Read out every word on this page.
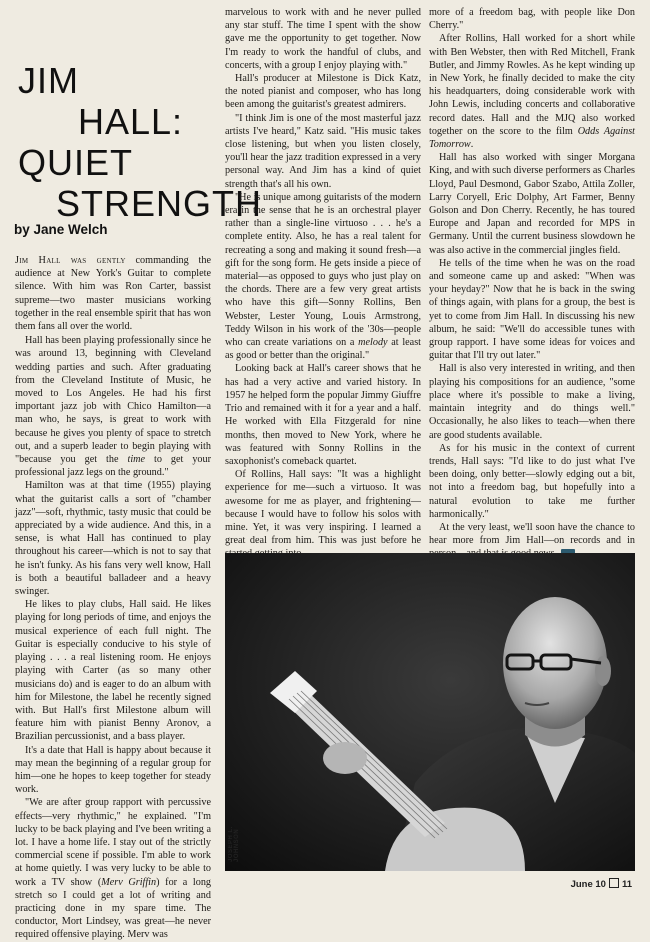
JIM
HALL:
QUIET
STRENGTH
by Jane Welch

Jim Hall was gently commanding the audience at New York's Guitar to complete silence. With him was Ron Carter, bassist supreme—two master musicians working together in the real ensemble spirit that has won them fans all over the world.

Hall has been playing professionally since he was around 13, beginning with Cleveland wedding parties and such. After graduating from the Cleveland Institute of Music, he moved to Los Angeles. He had his first important jazz job with Chico Hamilton—a man who, he says, is great to work with because he gives you plenty of space to stretch out, and a superb leader to begin playing with "because you get the time to get your professional jazz legs on the ground."

Hamilton was at that time (1955) playing what the guitarist calls a sort of "chamber jazz"—soft, rhythmic, tasty music that could be appreciated by a wide audience. And this, in a sense, is what Hall has continued to play throughout his career—which is not to say that he isn't funky. As his fans very well know, Hall is both a beautiful balladeer and a heavy swinger.

He likes to play clubs, Hall said. He likes playing for long periods of time, and enjoys the musical experience of each full night. The Guitar is especially conducive to his style of playing . . . a real listening room. He enjoys playing with Carter (as so many other musicians do) and is eager to do an album with him for Milestone, the label he recently signed with. But Hall's first Milestone album will feature him with pianist Benny Aronov, a Brazilian percussionist, and a bass player.

It's a date that Hall is happy about because it may mean the beginning of a regular group for him—one he hopes to keep together for steady work.

"We are after group rapport with percussive effects—very rhythmic," he explained. "I'm lucky to be back playing and I've been writing a lot. I have a home life. I stay out of the strictly commercial scene if possible. I'm able to work at home quietly. I was very lucky to be able to work a TV show (Merv Griffin) for a long stretch so I could get a lot of writing and practicing done in my spare time. The conductor, Mort Lindsey, was great—he never required offensive playing. Merv was

marvelous to work with and he never pulled any star stuff. The time I spent with the show gave me the opportunity to get together. Now I'm ready to work the handful of clubs, and concerts, with a group I enjoy playing with."

Hall's producer at Milestone is Dick Katz, the noted pianist and composer, who has long been among the guitarist's greatest admirers.

"I think Jim is one of the most masterful jazz artists I've heard," Katz said. "His music takes close listening, but when you listen closely, you'll hear the jazz tradition expressed in a very personal way. And Jim has a kind of quiet strength that's all his own.

"He is unique among guitarists of the modern era in the sense that he is an orchestral player rather than a single-line virtuoso . . . he's a complete entity. Also, he has a real talent for recreating a song and making it sound fresh—a gift for the song form. He gets inside a piece of material—as opposed to guys who just play on the chords. There are a few very great artists who have this gift—Sonny Rollins, Ben Webster, Lester Young, Louis Armstrong, Teddy Wilson in his work of the '30s—people who can create variations on a melody at least as good or better than the original."

Looking back at Hall's career shows that he has had a very active and varied history. In 1957 he helped form the popular Jimmy Giuffre Trio and remained with it for a year and a half. He worked with Ella Fitzgerald for nine months, then moved to New York, where he was featured with Sonny Rollins in the saxophonist's comeback quartet.

Of Rollins, Hall says: "It was a highlight experience for me—such a virtuoso. It was awesome for me as player, and frightening—because I would have to follow his solos with mine. Yet, it was very inspiring. I learned a great deal from him. This was just before he

more of a freedom bag, with people like Don Cherry."

After Rollins, Hall worked for a short while with Ben Webster, then with Red Mitchell, Frank Butler, and Jimmy Rowles. As he kept winding up in New York, he finally decided to make the city his headquarters, doing considerable work with John Lewis, including concerts and collaborative record dates. Hall and the MJQ also worked together on the score to the film Odds Against Tomorrow.

Hall has also worked with singer Morgana King, and with such diverse performers as Charles Lloyd, Paul Desmond, Gabor Szabo, Attila Zoller, Larry Coryell, Eric Dolphy, Art Farmer, Benny Golson and Don Cherry. Recently, he has toured Europe and Japan and recorded for MPS in Germany. Until the current business slowdown he was also active in the commercial jingles field.

He tells of the time when he was on the road and someone came up and asked: "When was your heyday?" Now that he is back in the swing of things again, with plans for a group, the best is yet to come from Jim Hall. In discussing his new album, he said: "We'll do accessible tunes with group rapport. I have some ideas for voices and guitar that I'll try out later."

Hall is also very interested in writing, and then playing his compositions for an audience, "some place where it's possible to make a living, maintain integrity and do things well." Occasionally, he also likes to teach—when there are good students available.

As for his music in the context of current trends, Hall says: "I'd like to do just what I've been doing, only better—slowly edging out a bit, not into a freedom bag, but hopefully into a natural evolution to take me further harmonically."

At the very least, we'll soon have the chance to hear more from Jim Hall—on records and in

JOSEPH L. JOHNSON
June 10 11
